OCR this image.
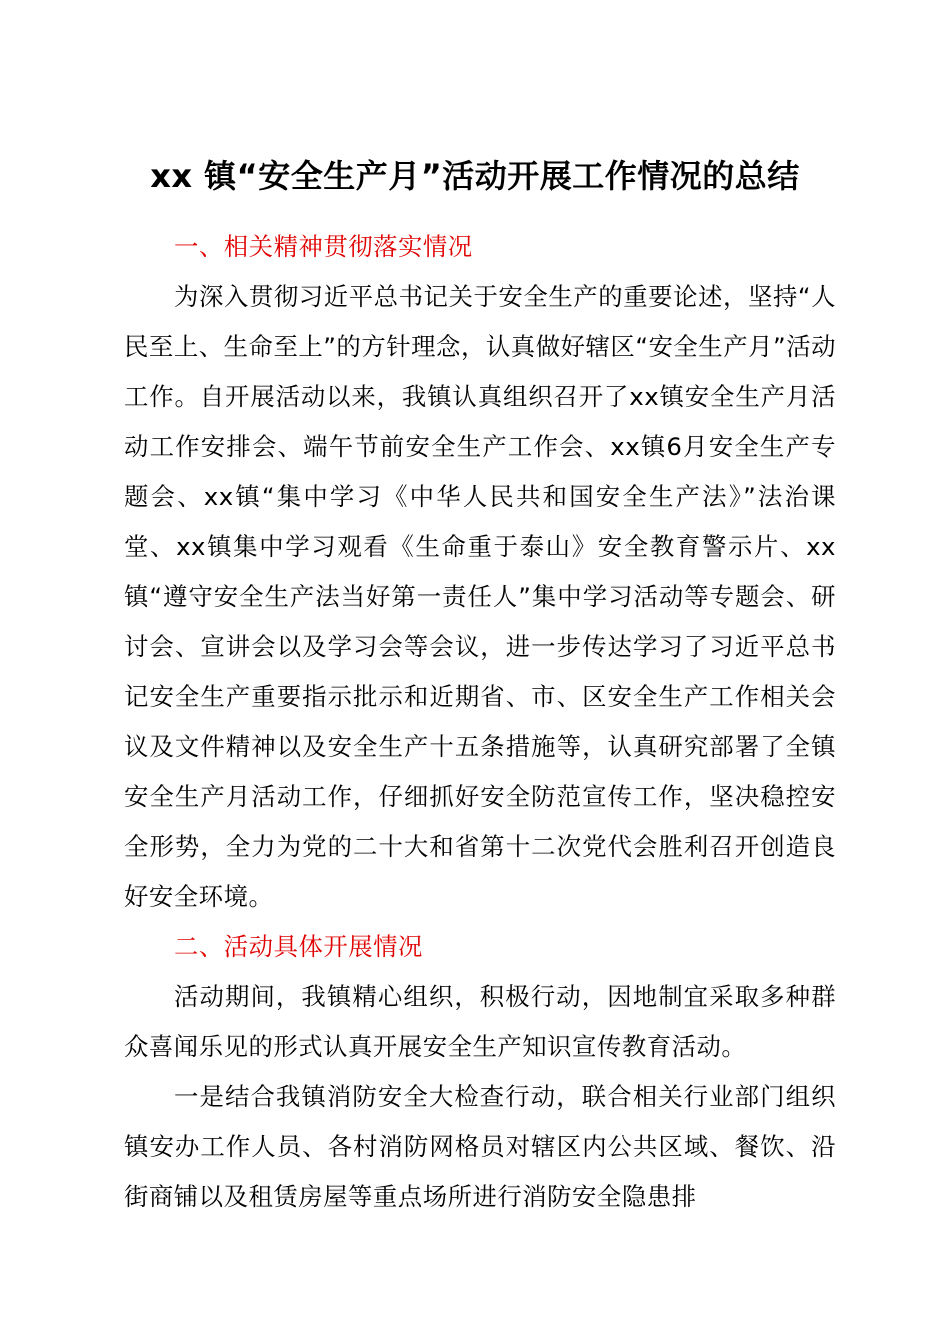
xx 镇“安全生产月”活动开展工作情况的总结

一、相关精神贯彻落实情况

为深入贯彻习近平总书记关于安全生产的重要论述，坚持“人民至上、生命至上”的方针理念，认真做好辖区“安全生产月”活动工作。自开展活动以来，我镇认真组织召开了xx镇安全生产月活动工作安排会、端午节前安全生产工作会、xx镇6月安全生产专题会、xx镇“集中学习《中华人民共和国安全生产法》”法治课堂、xx镇集中学习观看《生命重于泰山》安全教育警示片、xx镇“遵守安全生产法当好第一责任人”集中学习活动等专题会、研讨会、宣讲会以及学习会等会议，进一步传达学习了习近平总书记安全生产重要指示批示和近期省、市、区安全生产工作相关会议及文件精神以及安全生产十五条措施等，认真研究部署了全镇安全生产月活动工作，仔细抓好安全防范宣传工作，坚决稳控安全形势，全力为党的二十大和省第十二次党代会胜利召开创造良好安全环境。

二、活动具体开展情况

活动期间，我镇精心组织，积极行动，因地制宜采取多种群众喜闻乐见的形式认真开展安全生产知识宣传教育活动。

一是结合我镇消防安全大检查行动，联合相关行业部门组织镇安办工作人员、各村消防网格员对辖区内公共区域、餐饮、沿街商铺以及租赁房屋等重点场所进行消防安全隐患排
